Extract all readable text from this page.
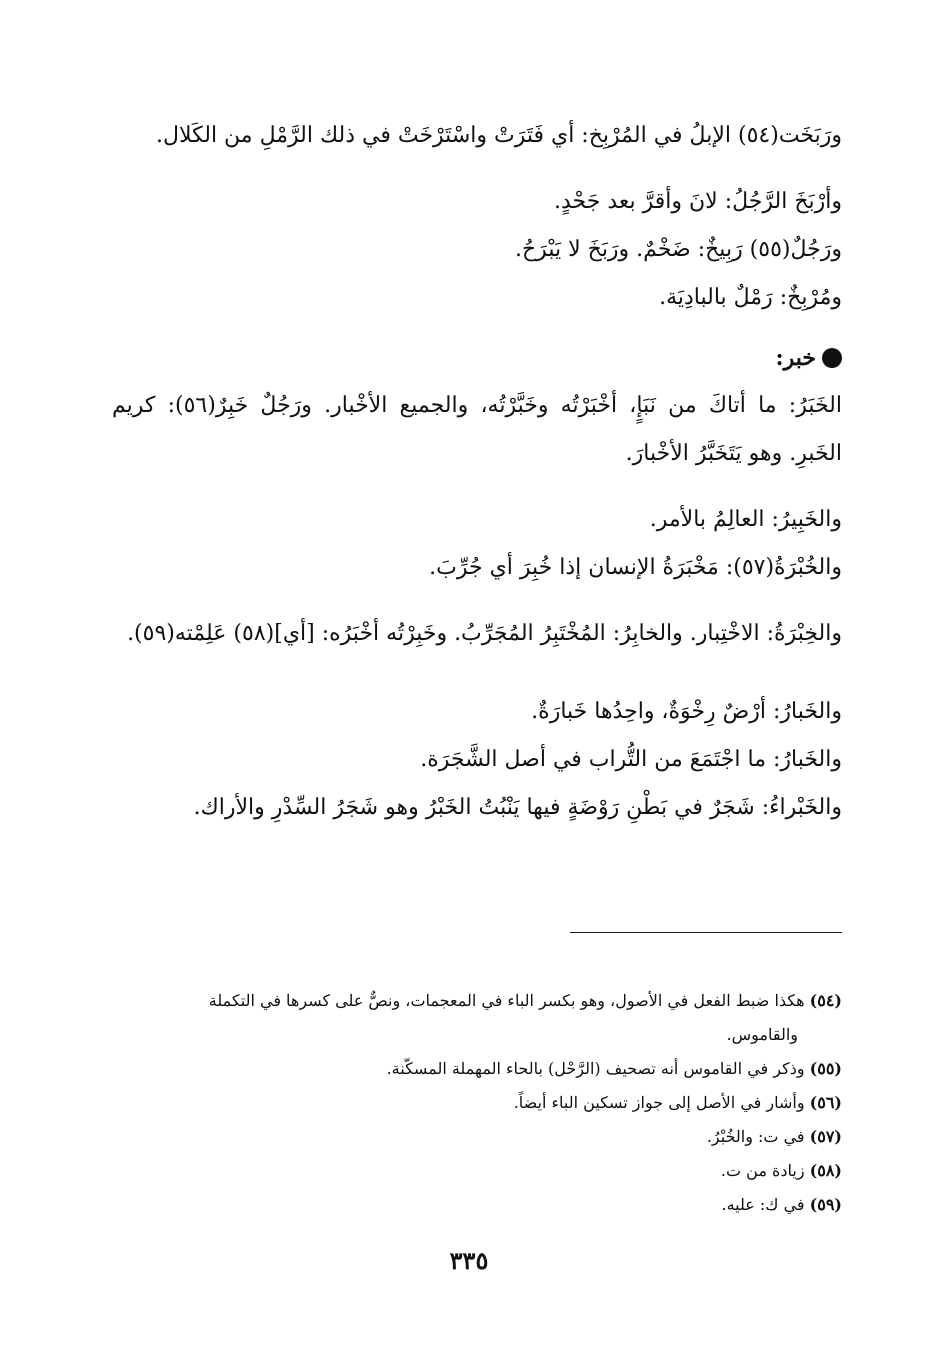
ورَبَخَت(٥٤) الإبلُ في المُرْبِخ: أي فَتَرَتْ واسْتَرْخَتْ في ذلك الرَّمْلِ من الكَلال.

وأرْبَخَ الرَّجُلُ: لانَ وأقرَّ بعد جَحْدٍ.

ورَجُلٌ(٥٥) رَبِيخٌ: ضَخْمٌ. ورَبَخَ لا يَبْرَحُ.

ومُرْبِخٌ: رَمْلٌ بالبادِيَة.

خبر:

الخَبَرُ: ما أتاكَ من نَبَإٍ، أخْبَرْتُه وخَبَّرْتُه، والجميع الأخْبار. ورَجُلٌ خَبِرٌ(٥٦): كريم الخَبرِ. وهو يَتَخَبَّرُ الأخْبارَ.

والخَبِيرُ: العالِمُ بالأمر.

والخُبْرَةُ(٥٧): مَخْبَرَةُ الإنسان إذا خُبِرَ أي جُرِّبَ.

والخِبْرَةُ: الاخْتِبار. والخابِرُ: المُخْتَبِرُ المُجَرِّبُ. وخَبِرْتُه أخْبَرُه: [أي](٥٨) عَلِمْته(٥٩).

والخَبارُ: أرْضٌ رِخْوَةٌ، واحِدُها خَبارَةٌ.

والخَبارُ: ما اجْتَمَعَ من التُّراب في أصل الشَّجَرَة.

والخَبْراءُ: شَجَرٌ في بَطْنِ رَوْضَةٍ فيها يَنْبُتُ الخَبْرُ وهو شَجَرُ السِّدْرِ والأراك.

(٥٤) هكذا ضبط الفعل في الأصول، وهو بكسر الباء في المعجمات، ونصٌّ على كسرها في التكملة

والقاموس.

(٥٥) وذكر في القاموس أنه تصحيف (الرَّحْل) بالحاء المهملة المسكّنة.

(٥٦) وأشار في الأصل إلى جواز تسكين الباء أيضاً.

(٥٧) في ت: والخُبْرُ.

(٥٨) زيادة من ت.

(٥٩) في ك: عليه.

٣٣٥
